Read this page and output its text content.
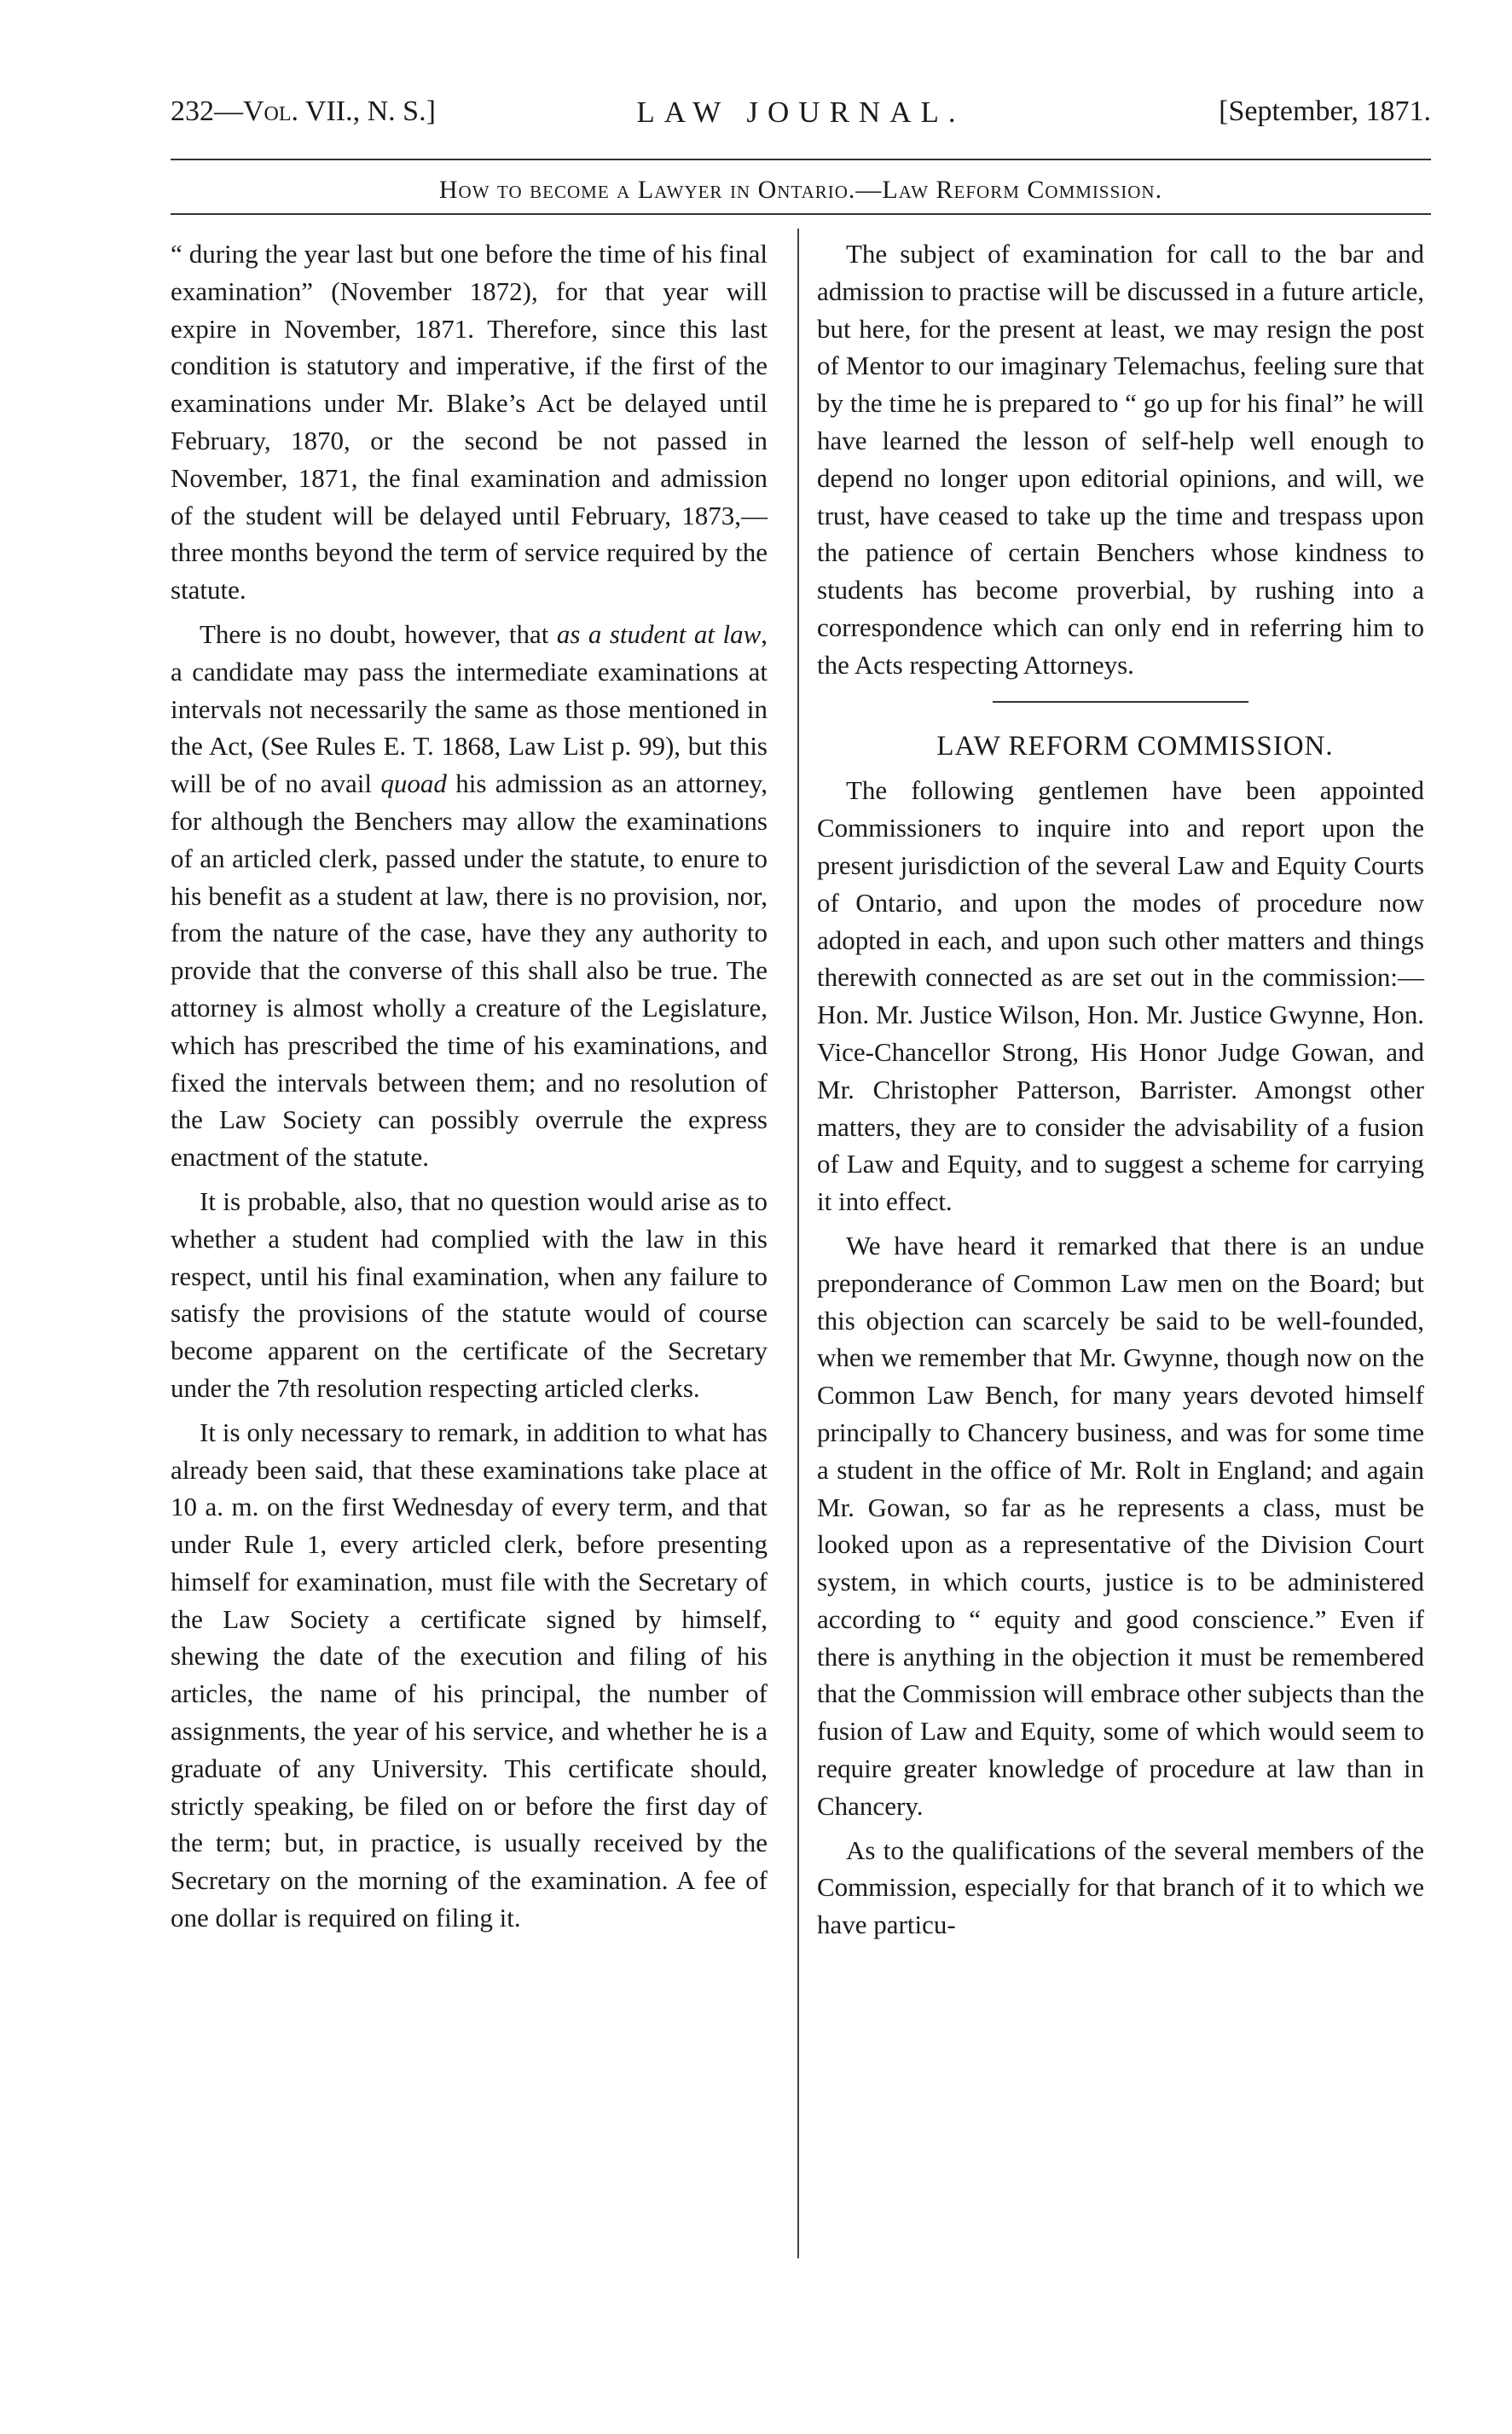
232—Vol. VII., N. S.]	LAW JOURNAL.	[September, 1871.
How to become a Lawyer in Ontario.—Law Reform Commission.

“ during the year last but one before the time of his final examination” (November 1872), for that year will expire in November, 1871. Therefore, since this last condition is statutory and imperative, if the first of the examinations under Mr. Blake’s Act be delayed until February, 1870, or the second be not passed in November, 1871, the final examination and admission of the student will be delayed until February, 1873,—three months beyond the term of service required by the statute.

There is no doubt, however, that as a student at law, a candidate may pass the intermediate examinations at intervals not necessarily the same as those mentioned in the Act, (See Rules E. T. 1868, Law List p. 99), but this will be of no avail quoad his admission as an attorney, for although the Benchers may allow the examinations of an articled clerk, passed under the statute, to enure to his benefit as a student at law, there is no provision, nor, from the nature of the case, have they any authority to provide that the converse of this shall also be true. The attorney is almost wholly a creature of the Legislature, which has prescribed the time of his examinations, and fixed the intervals between them; and no resolution of the Law Society can possibly overrule the express enactment of the statute.

It is probable, also, that no question would arise as to whether a student had complied with the law in this respect, until his final examination, when any failure to satisfy the provisions of the statute would of course become apparent on the certificate of the Secretary under the 7th resolution respecting articled clerks.

It is only necessary to remark, in addition to what has already been said, that these examinations take place at 10 a. m. on the first Wednesday of every term, and that under Rule 1, every articled clerk, before presenting himself for examination, must file with the Secretary of the Law Society a certificate signed by himself, shewing the date of the execution and filing of his articles, the name of his principal, the number of assignments, the year of his service, and whether he is a graduate of any University. This certificate should, strictly speaking, be filed on or before the first day of the term; but, in practice, is usually received by the Secretary on the morning of the examination. A fee of one dollar is required on filing it.

The subject of examination for call to the bar and admission to practise will be discussed in a future article, but here, for the present at least, we may resign the post of Mentor to our imaginary Telemachus, feeling sure that by the time he is prepared to “ go up for his final” he will have learned the lesson of self-help well enough to depend no longer upon editorial opinions, and will, we trust, have ceased to take up the time and trespass upon the patience of certain Benchers whose kindness to students has become proverbial, by rushing into a correspondence which can only end in referring him to the Acts respecting Attorneys.

LAW REFORM COMMISSION.

The following gentlemen have been appointed Commissioners to inquire into and report upon the present jurisdiction of the several Law and Equity Courts of Ontario, and upon the modes of procedure now adopted in each, and upon such other matters and things therewith connected as are set out in the commission:— Hon. Mr. Justice Wilson, Hon. Mr. Justice Gwynne, Hon. Vice-Chancellor Strong, His Honor Judge Gowan, and Mr. Christopher Patterson, Barrister. Amongst other matters, they are to consider the advisability of a fusion of Law and Equity, and to suggest a scheme for carrying it into effect.

We have heard it remarked that there is an undue preponderance of Common Law men on the Board; but this objection can scarcely be said to be well-founded, when we remember that Mr. Gwynne, though now on the Common Law Bench, for many years devoted himself principally to Chancery business, and was for some time a student in the office of Mr. Rolt in England; and again Mr. Gowan, so far as he represents a class, must be looked upon as a representative of the Division Court system, in which courts, justice is to be administered according to “ equity and good conscience.” Even if there is anything in the objection it must be remembered that the Commission will embrace other subjects than the fusion of Law and Equity, some of which would seem to require greater knowledge of procedure at law than in Chancery.

As to the qualifications of the several members of the Commission, especially for that branch of it to which we have particu-
